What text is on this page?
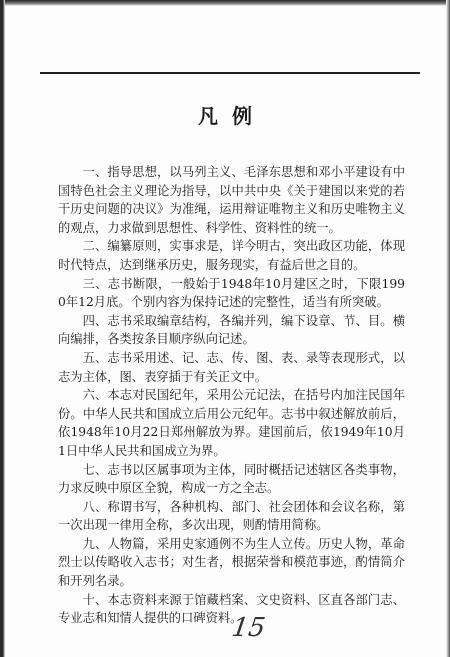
凡例

一、指导思想，以马列主义、毛泽东思想和邓小平建设有中国特色社会主义理论为指导，以中共中央《关于建国以来党的若干历史问题的决议》为准绳，运用辩证唯物主义和历史唯物主义的观点，力求做到思想性、科学性、资料性的统一。

二、编纂原则，实事求是，详今明古，突出政区功能，体现时代特点，达到继承历史，服务现实，有益后世之目的。

三、志书断限，一般始于1948年10月建区之时，下限1990年12月底。个别内容为保持记述的完整性，适当有所突破。

四、志书采取编章结构，各编并列，编下设章、节、目。横向编排，各类按条目顺序纵向记述。

五、志书采用述、记、志、传、图、表、录等表现形式，以志为主体，图、表穿插于有关正文中。

六、本志对民国纪年，采用公元记法，在括号内加注民国年份。中华人民共和国成立后用公元纪年。志书中叙述解放前后，依1948年10月22日郑州解放为界。建国前后，依1949年10月1日中华人民共和国成立为界。

七、志书以区属事项为主体，同时概括记述辖区各类事物，力求反映中原区全貌，构成一方之全志。

八、称谓书写，各种机构、部门、社会团体和会议名称，第一次出现一律用全称，多次出现，则酌情用简称。

九、人物篇，采用史家通例不为生人立传。历史人物，革命烈士以传略收入志书；对生者，根据荣誉和模范事迹，酌情简介和开列名录。

十、本志资料来源于馆藏档案、文史资料、区直各部门志、专业志和知情人提供的口碑资料。

15
